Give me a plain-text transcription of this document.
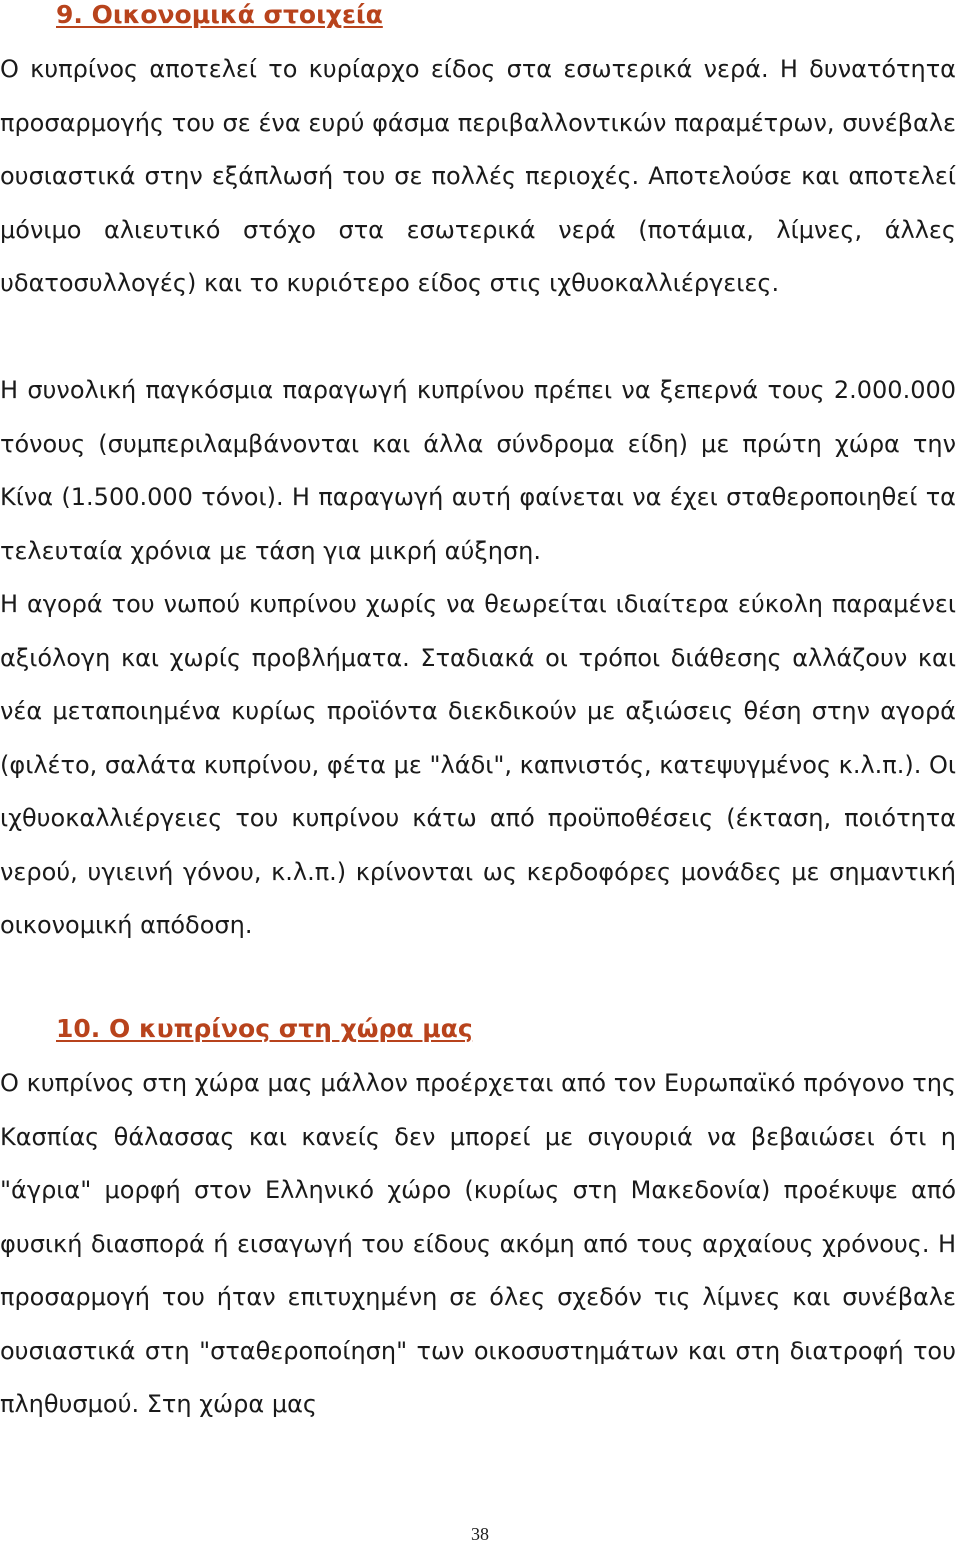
9. Οικονομικά στοιχεία

Ο κυπρίνος αποτελεί το κυρίαρχο είδος στα εσωτερικά νερά. Η δυνατότητα προσαρμογής του σε ένα ευρύ φάσμα περιβαλλοντικών παραμέτρων, συνέβαλε ουσιαστικά στην εξάπλωσή του σε πολλές περιοχές. Αποτελούσε και αποτελεί μόνιμο αλιευτικό στόχο στα εσωτερικά νερά (ποτάμια, λίμνες, άλλες υδατοσυλλογές) και το κυριότερο είδος στις ιχθυοκαλλιέργειες.

Η συνολική παγκόσμια παραγωγή κυπρίνου πρέπει να ξεπερνά τους 2.000.000 τόνους (συμπεριλαμβάνονται και άλλα σύνδρομα είδη) με πρώτη χώρα την Κίνα (1.500.000 τόνοι). Η παραγωγή αυτή φαίνεται να έχει σταθεροποιηθεί τα τελευταία χρόνια με τάση για μικρή αύξηση.

Η αγορά του νωπού κυπρίνου χωρίς να θεωρείται ιδιαίτερα εύκολη παραμένει αξιόλογη και χωρίς προβλήματα. Σταδιακά οι τρόποι διάθεσης αλλάζουν και νέα μεταποιημένα κυρίως προϊόντα διεκδικούν με αξιώσεις θέση στην αγορά (φιλέτο, σαλάτα κυπρίνου, φέτα με "λάδι", καπνιστός, κατεψυγμένος κ.λ.π.). Οι ιχθυοκαλλιέργειες του κυπρίνου κάτω από προϋποθέσεις (έκταση, ποιότητα νερού, υγιεινή γόνου, κ.λ.π.) κρίνονται ως κερδοφόρες μονάδες με σημαντική οικονομική απόδοση.

10. Ο κυπρίνος στη χώρα μας

Ο κυπρίνος στη χώρα μας μάλλον προέρχεται από τον Ευρωπαϊκό πρόγονο της Κασπίας θάλασσας και κανείς δεν μπορεί με σιγουριά να βεβαιώσει ότι η "άγρια" μορφή στον Ελληνικό χώρο (κυρίως στη Μακεδονία) προέκυψε από φυσική διασπορά ή εισαγωγή του είδους ακόμη από τους αρχαίους χρόνους. Η προσαρμογή του ήταν επιτυχημένη σε όλες σχεδόν τις λίμνες και συνέβαλε ουσιαστικά στη "σταθεροποίηση" των οικοσυστημάτων και στη διατροφή του πληθυσμού. Στη χώρα μας

38
